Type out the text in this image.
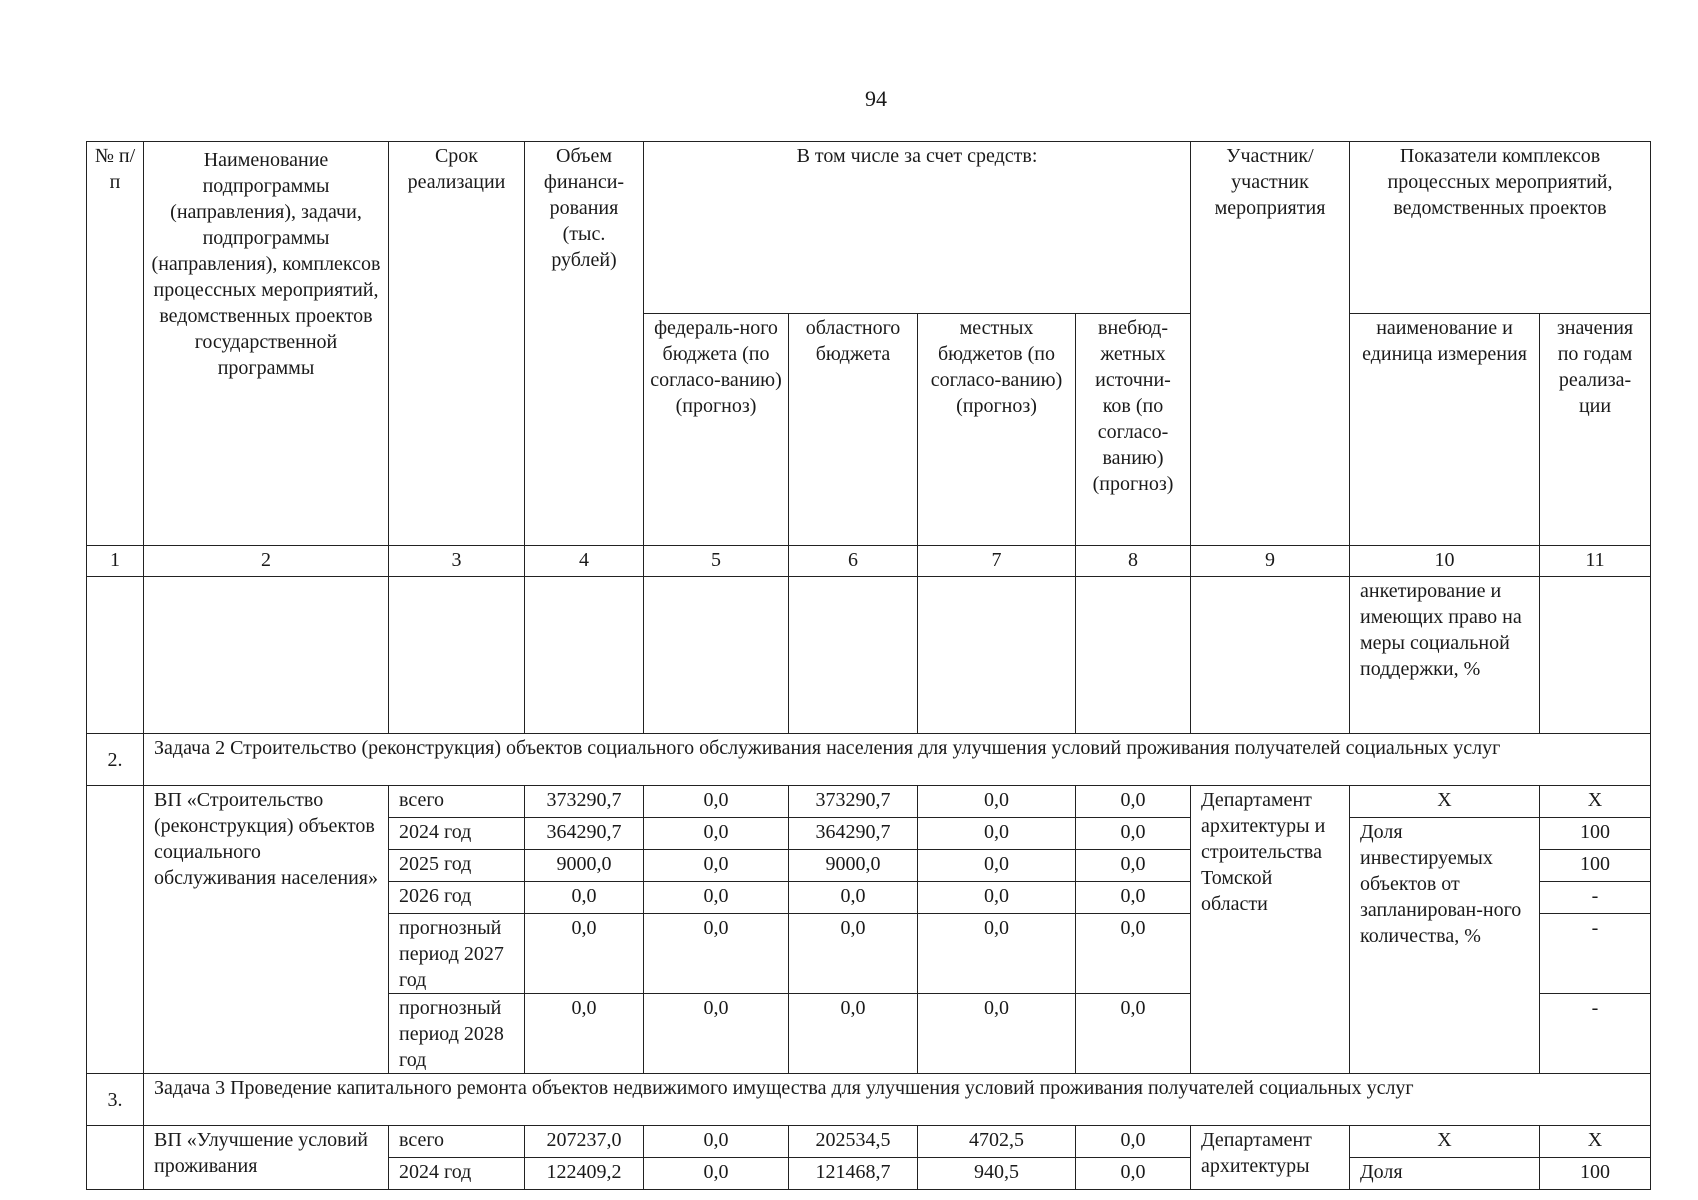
94
№ п/п	Наименование подпрограммы (направления), задачи, подпрограммы (направления), комплексов процессных мероприятий, ведомственных проектов государственной программы	Срок реализации	Объем финанси-рования (тыс. рублей)	В том числе за счет средств:				Участник/ участник мероприятия	Показатели комплексов процессных мероприятий, ведомственных проектов	
				федераль-ного бюджета (по согласо-ванию) (прогноз)	областного бюджета	местных бюджетов (по согласо-ванию) (прогноз)	внебюд-жетных источни-ков (по согласо-ванию) (прогноз)		наименование и единица измерения	значения по годам реализа-ции
1	2	3	4	5	6	7	8	9	10	11
									анкетирование и имеющих право на меры социальной поддержки, %	
2.	Задача 2 Строительство (реконструкция) объектов социального обслуживания населения для улучшения условий проживания получателей социальных услуг									
	ВП «Строительство (реконструкция) объектов социального обслуживания населения»	всего	373290,7	0,0	373290,7	0,0	0,0	Департамент архитектуры и строительства Томской области	Х	Х
		2024 год	364290,7	0,0	364290,7	0,0	0,0		Доля инвестируемых объектов от запланирован-ного количества, %	100
		2025 год	9000,0	0,0	9000,0	0,0	0,0			100
		2026 год	0,0	0,0	0,0	0,0	0,0			-
		прогнозный период 2027 год	0,0	0,0	0,0	0,0	0,0			-
		прогнозный период 2028 год	0,0	0,0	0,0	0,0	0,0			-
3.	Задача 3 Проведение капитального ремонта объектов недвижимого имущества для улучшения условий проживания получателей социальных услуг									
	ВП «Улучшение условий проживания	всего	207237,0	0,0	202534,5	4702,5	0,0	Департамент архитектуры	Х	Х
		2024 год	122409,2	0,0	121468,7	940,5	0,0		Доля	100
